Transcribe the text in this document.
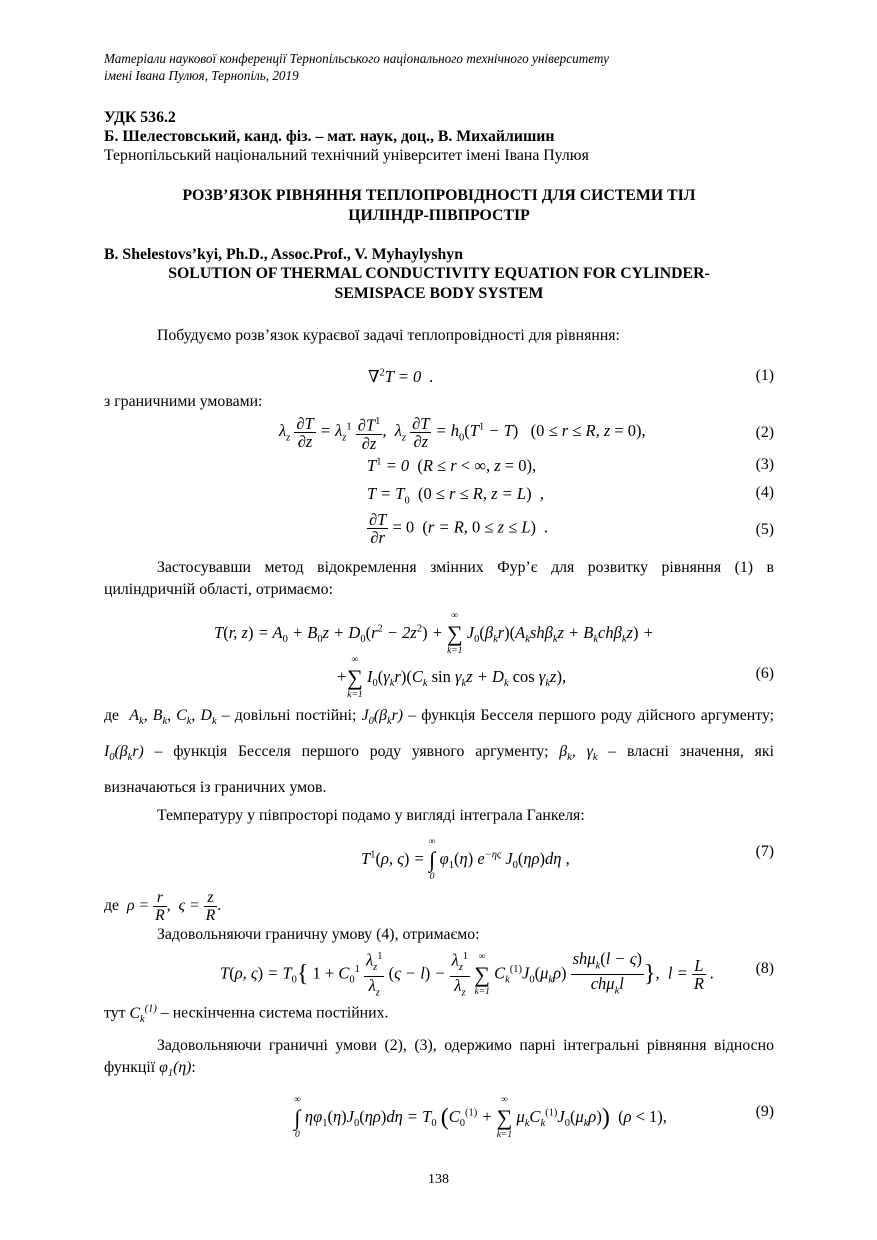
Матеріали наукової конференції Тернопільського національного технічного університету
імені Івана Пулюя, Тернопіль, 2019
УДК 536.2
Б. Шелестовський, канд. фіз. – мат. наук, доц., В. Михайлишин
Тернопільський національний технічний університет імені Івана Пулюя
РОЗВ’ЯЗОК РІВНЯННЯ ТЕПЛОПРОВІДНОСТІ ДЛЯ СИСТЕМИ ТІЛ
ЦИЛІНДР-ПІВПРОСТІР
B. Shelestovs’kyi, Ph.D., Assoc.Prof., V. Myhaylyshyn
SOLUTION OF THERMAL CONDUCTIVITY EQUATION FOR CYLINDER-
SEMISPACE BODY SYSTEM
Побудуємо розв’язок кураєвої задачі теплопровідності для рівняння:
∇$^2$T = 0  .	(1)
з граничними умовами:
$\lambda_z \frac{\partial T}{\partial z} = \lambda_z^1 \frac{\partial T^1}{\partial z}$ ,  $\lambda_z \frac{\partial T}{\partial z} = h_0(T^1 - T) (0 \le r \le R$, z = 0),	(2)
$T^1 = 0$  (R ≤ r < ∞, z = 0),	(3)
$T = T_0$ (0 ≤ r ≤ R, z = L)  ,	(4)
$\frac{\partial T}{\partial r} = 0$  (r = R, 0 ≤ z ≤ L)  .	(5)
Застосувавши метод відокремлення змінних Фур’є для розвитку рівняння (1) в циліндричній області, отримаємо:
T(r, $z) = A_0 + B_0z + D_0(r^2 - 2z^2)$ +
∞
∑
k=1
$J_0(\beta_kr)(A_ksh\beta_kz + B_kch\beta_kz)$ +
+
∞
∑
k=1
$I_0(\gamma_kr)(C_k$ $\sin \gamma_kz + D_k$ $\cos \gamma_kz$),	(6)
де $A_k$, $B_k$, $C_k$, $D_k$ – довільні постійні; $J_0(\beta_kr)$ – функція Бесселя першого роду дійсного аргументу; $I_0(\beta_kr)$ – функція Бесселя першого роду уявного аргументу; $\beta_k$, $\gamma_k$ – власні значення, які визначаються із граничних умов.
Температуру у півпросторі подамо у вигляді інтеграла Ганкеля:
$T^1(\rho$, ς) =
∞
∫
0
$\varphi_1(\eta)$ $e^{-\eta\varsigma}$ $J_0(\eta\rho)d\eta$ ,	(7)
де $\rho = \frac{r}{R}$ ,  $\varsigma = \frac{z}{R}$ .
Задовольняючи граничну умову (4), отримаємо:
T(ρ, $\varsigma) = T_0${ $1 + C_0^1 \frac{\lambda_z^1}{\lambda_z} (\varsigma - l) - \frac{\lambda_z^1}{\lambda_z}$
∞
∑
k=1
$C_k^{(1)}J_0(\mu_k\rho) \frac{sh\mu_k(l - \varsigma)}{ch\mu_kl}$ },  $l = \frac{L}{R}$ .	(8)
тут $C_k^{(1)}$ – нескінченна система постійних.
Задовольняючи граничні умови (2), (3), одержимо парні інтегральні рівняння відносно функції $\varphi_1(\eta)$:
∞
∫
0
$\eta\varphi_1(\eta)J_0(\eta\rho)d\eta = T_0$ ($C_0^{(1)}$ +
∞
∑
k=1
$\mu_kC_k^{(1)}J_0(\mu_k\rho)$) (ρ < 1),	(9)
138
